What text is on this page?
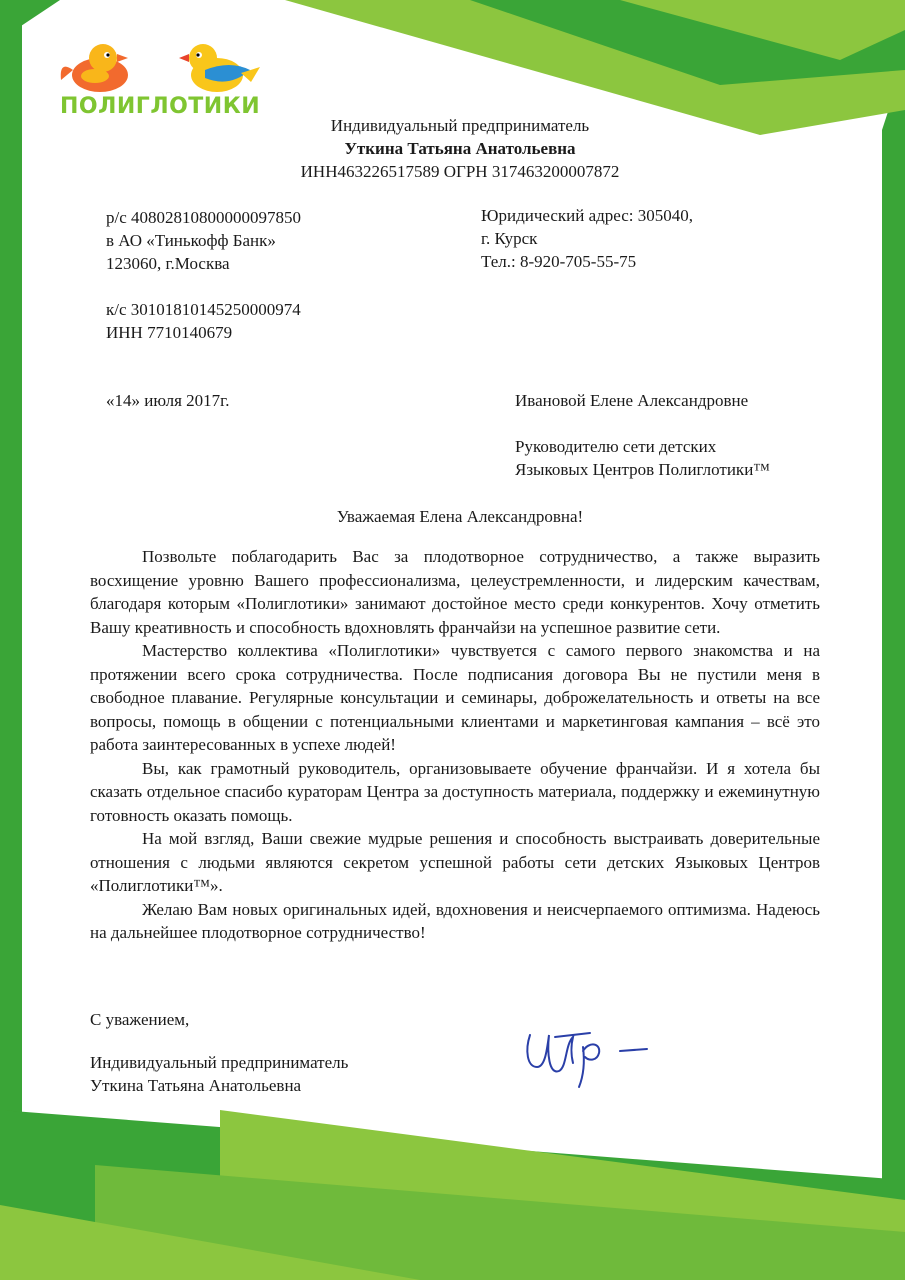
ПОЛИГЛОТИКИ
Индивидуальный предприниматель
Уткина Татьяна Анатольевна
ИНН463226517589 ОГРН 317463200007872
р/с 40802810800000097850
в АО «Тинькофф Банк»
123060, г.Москва
к/с 30101810145250000974
ИНН 7710140679
Юридический адрес: 305040,
г. Курск
Тел.: 8-920-705-55-75
«14» июля 2017г.	Ивановой Елене Александровне
Руководителю сети детских
Языковых Центров Полиглотики™
Уважаемая Елена Александровна!

Позвольте поблагодарить Вас за плодотворное сотрудничество, а также выразить восхищение уровню Вашего профессионализма, целеустремленности, и лидерским качествам, благодаря которым «Полиглотики» занимают достойное место среди конкурентов. Хочу отметить Вашу креативность и способность вдохновлять франчайзи на успешное развитие сети.

Мастерство коллектива «Полиглотики» чувствуется с самого первого знакомства и на протяжении всего срока сотрудничества. После подписания договора Вы не пустили меня в свободное плавание. Регулярные консультации и семинары, доброжелательность и ответы на все вопросы, помощь в общении с потенциальными клиентами и маркетинговая кампания – всё это работа заинтересованных в успехе людей!

Вы, как грамотный руководитель, организовываете обучение франчайзи. И я хотела бы сказать отдельное спасибо кураторам Центра за доступность материала, поддержку и ежеминутную готовность оказать помощь.

На мой взгляд, Ваши свежие мудрые решения и способность выстраивать доверительные отношения с людьми являются секретом успешной работы сети детских Языковых Центров «Полиглотики™».

Желаю Вам новых оригинальных идей, вдохновения и неисчерпаемого оптимизма. Надеюсь на дальнейшее плодотворное сотрудничество!

С уважением,
Индивидуальный предприниматель
Уткина Татьяна Анатольевна
